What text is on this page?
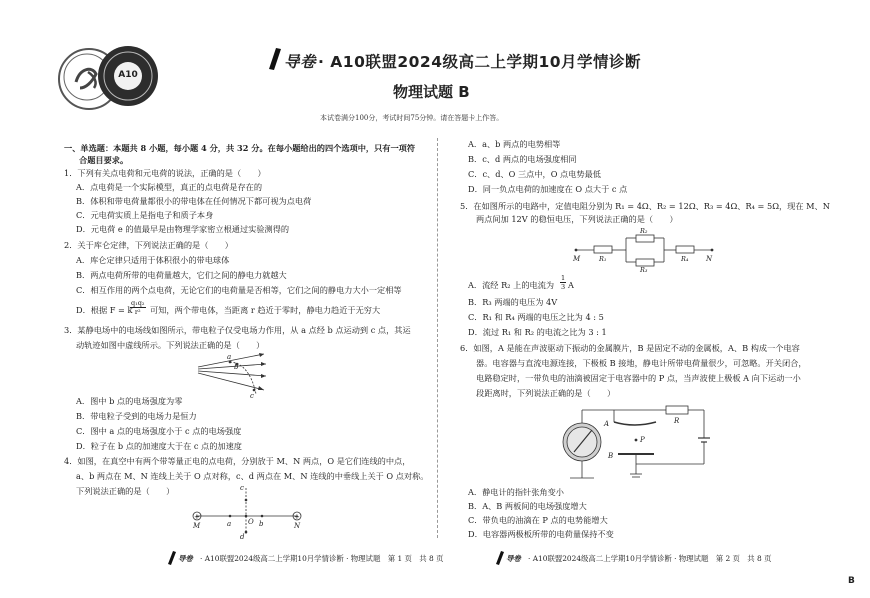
A10
导卷 · A10联盟2024级高二上学期10月学情诊断
物理试题 B
本试卷满分100分，考试时间75分钟。请在答题卡上作答。
一、单选题：本题共 8 小题，每小题 4 分，共 32 分。在每小题给出的四个选项中，只有一项符
合题目要求。
1．下列有关点电荷和元电荷的说法，正确的是（　　）
A．点电荷是一个实际模型，真正的点电荷是存在的
B．体积和带电荷量都很小的带电体在任何情况下都可视为点电荷
C．元电荷实质上是指电子和质子本身
D．元电荷 e 的值最早是由物理学家密立根通过实验测得的
2．关于库仑定律，下列说法正确的是（　　）
A．库仑定律只适用于体积很小的带电球体
B．两点电荷所带的电荷量越大，它们之间的静电力就越大
C．相互作用的两个点电荷，无论它们的电荷量是否相等，它们之间的静电力大小一定相等
D．根据 F = k
$\frac{\text{q₁q₂}}{\text{r²}}$ 可知，两个带电体，当距离 r 趋近于零时，静电力趋近于无穷大
3．某静电场中的电场线如图所示，带电粒子仅受电场力作用，从 a 点经 b 点运动到 c 点，其运
动轨迹如图中虚线所示。下列说法正确的是（　　）
a
b
c
A．图中 b 点的电场强度为零
B．带电粒子受到的电场力是恒力
C．图中 a 点的电场强度小于 c 点的电场强度
D．粒子在 b 点的加速度大于在 c 点的加速度
4．如图，在真空中有两个带等量正电的点电荷，分别放于 M、N 两点，O 是它们连线的中点，
a、b 两点在 M、N 连线上关于 O 点对称，c、d 两点在 M、N 连线的中垂线上关于 O 点对称。
下列说法正确的是（　　）
+	+
M	N
a	b
O
c
d
A．a、b 两点的电势相等
B．c、d 两点的电场强度相同
C．c、d、O 三点中，O 点电势最低
D．同一负点电荷的加速度在 O 点大于 c 点
5．在如图所示的电路中，定值电阻分别为 R₁ = 4Ω、R₂ = 12Ω、R₃ = 4Ω、R₄ = 5Ω，现在 M、N
两点间加 12V 的稳恒电压，下列说法正确的是（　　）
M	N
R₁
R₂
R₃
R₄
A．流经 R₂ 上的电流为 $\frac{1}{3}$ A
B．R₃ 两端的电压为 4V
C．R₁ 和 R₄ 两端的电压之比为 4 : 5
D．流过 R₁ 和 R₂ 的电流之比为 3 : 1
6．如图，A 是能在声波驱动下振动的金属膜片，B 是固定不动的金属板，A、B 构成一个电容
器。电容器与直流电源连接，下极板 B 接地，静电计所带电荷量很少，可忽略。开关闭合，
电路稳定时，一带负电的油滴被固定于电容器中的 P 点，当声波使上极板 A 向下运动一小
段距离时，下列说法正确的是（　　）
A
B
P
R
A．静电计的指针张角变小
B．A、B 两板间的电场强度增大
C．带负电的油滴在 P 点的电势能增大
D．电容器两极板所带的电荷量保持不变
导卷 · A10联盟2024级高二上学期10月学情诊断 · 物理试题　第 1 页　共 8 页	导卷 · A10联盟2024级高二上学期10月学情诊断 · 物理试题　第 2 页　共 8 页
B
